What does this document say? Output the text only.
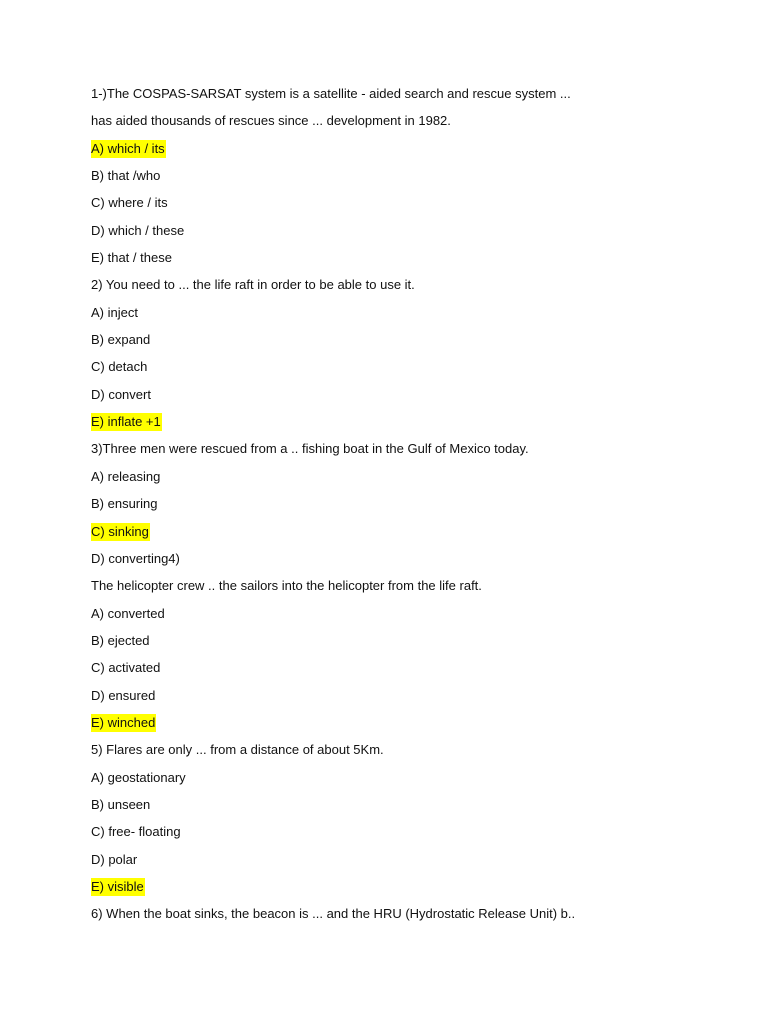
1-)The COSPAS-SARSAT system is a satellite - aided search and rescue system ...
has aided thousands of rescues since ... development in 1982.
A) which / its
B) that /who
C) where / its
D) which / these
E) that / these
2) You need to ... the life raft in order to be able to use it.
A) inject
B) expand
C) detach
D) convert
E) inflate +1
3)Three men were rescued from a .. fishing boat in the Gulf of Mexico today.
A) releasing
B) ensuring
C) sinking
D) converting4)
The helicopter crew .. the sailors into the helicopter from the life raft.
A) converted
B) ejected
C) activated
D) ensured
E) winched
5) Flares are only ... from a distance of about 5Km.
A) geostationary
B) unseen
C) free- floating
D) polar
E) visible
6) When the boat sinks, the beacon is ... and the HRU (Hydrostatic Release Unit) b..
